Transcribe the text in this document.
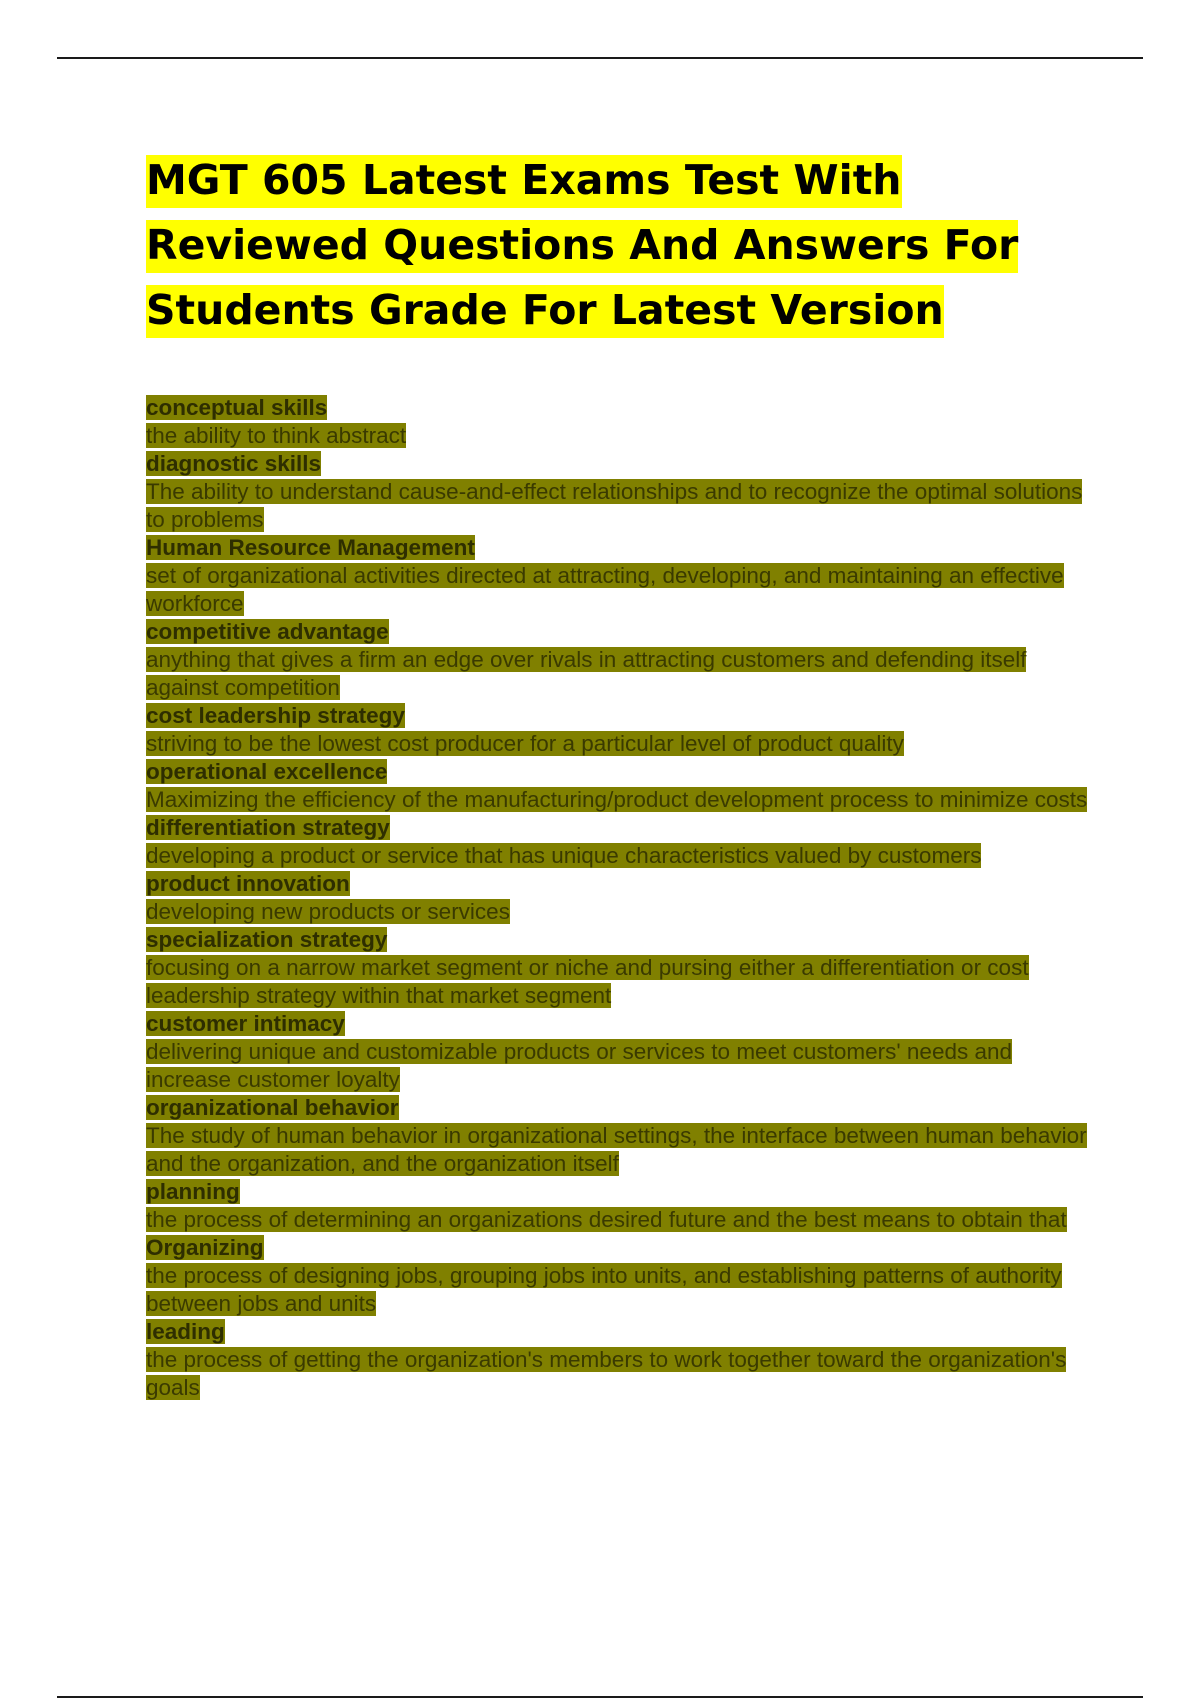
MGT 605 Latest Exams Test With Reviewed Questions And Answers For Students Grade For Latest Version
conceptual skills
the ability to think abstract
diagnostic skills
The ability to understand cause-and-effect relationships and to recognize the optimal solutions to problems
Human Resource Management
set of organizational activities directed at attracting, developing, and maintaining an effective workforce
competitive advantage
anything that gives a firm an edge over rivals in attracting customers and defending itself against competition
cost leadership strategy
striving to be the lowest cost producer for a particular level of product quality
operational excellence
Maximizing the efficiency of the manufacturing/product development process to minimize costs
differentiation strategy
developing a product or service that has unique characteristics valued by customers
product innovation
developing new products or services
specialization strategy
focusing on a narrow market segment or niche and pursing either a differentiation or cost leadership strategy within that market segment
customer intimacy
delivering unique and customizable products or services to meet customers' needs and increase customer loyalty
organizational behavior
The study of human behavior in organizational settings, the interface between human behavior and the organization, and the organization itself
planning
the process of determining an organizations desired future and the best means to obtain that
Organizing
the process of designing jobs, grouping jobs into units, and establishing patterns of authority between jobs and units
leading
the process of getting the organization's members to work together toward the organization's goals
